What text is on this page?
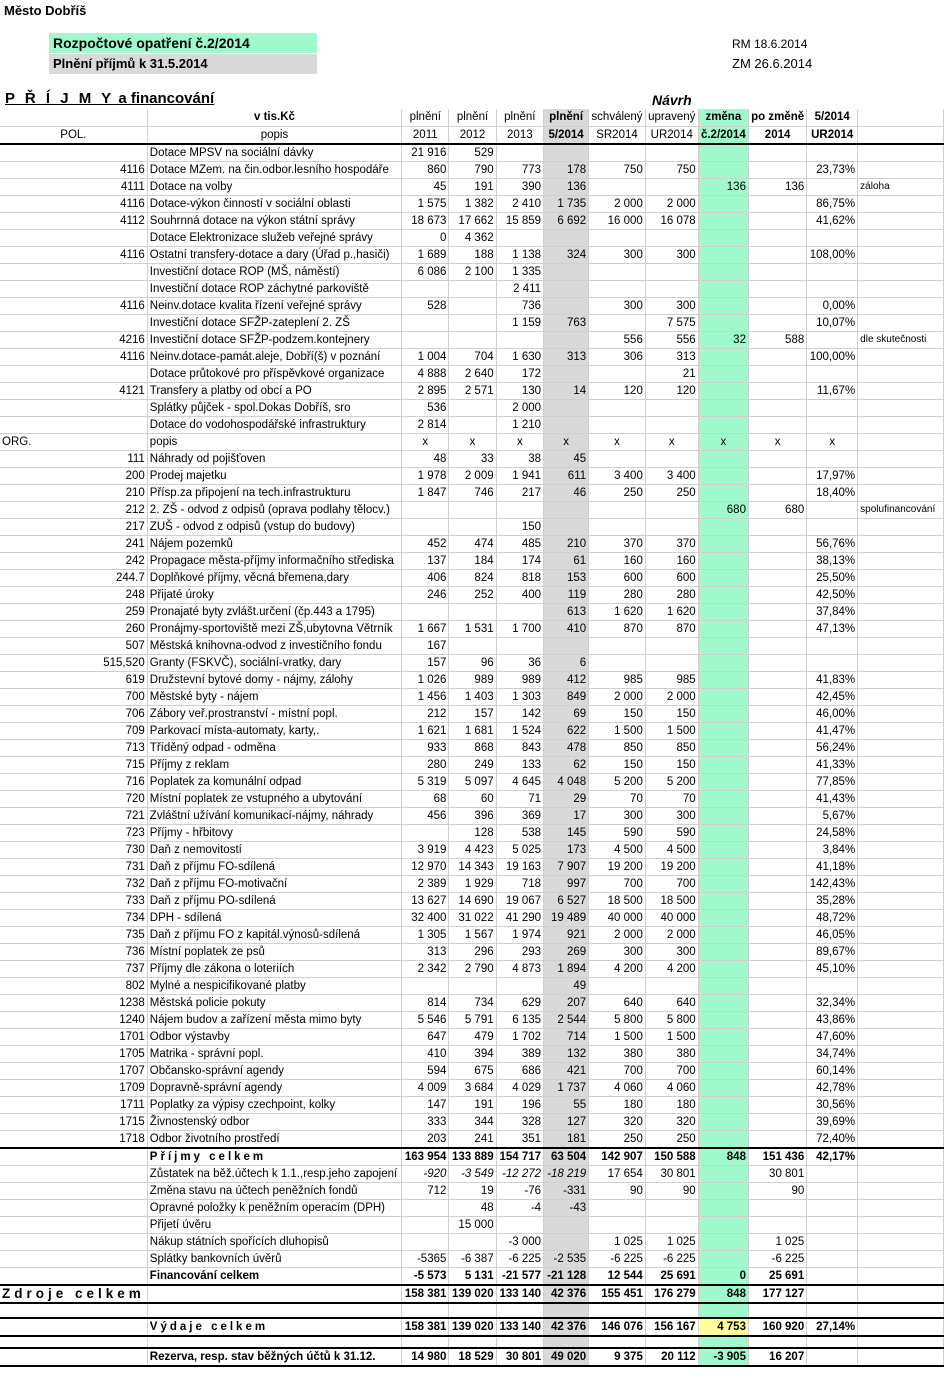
Město Dobříš
Rozpočtové opatření č.2/2014
Plnění příjmů k 31.5.2014
RM 18.6.2014
ZM 26.6.2014
Návrh
P Ř Í J M Y a financování
	v tis.Kč	plnění	plnění	plnění	plnění	schválený	upravený	změna	po změně	5/2014	
POL.	popis	2011	2012	2013	5/2014	SR2014	UR2014	č.2/2014	2014	UR2014	
	Dotace MPSV na sociální dávky	21 916	529								
4116	Dotace MZem. na čin.odbor.lesního hospodáře	860	790	773	178	750	750			23,73%	
4111	Dotace na volby	45	191	390	136			136	136		záloha
4116	Dotace-výkon činností v sociální oblasti	1 575	1 382	2 410	1 735	2 000	2 000			86,75%	
4112	Souhrnná dotace na výkon státní správy	18 673	17 662	15 859	6 692	16 000	16 078			41,62%	
	Dotace Elektronizace služeb veřejné správy	0	4 362								
4116	Ostatní transfery-dotace a dary (Úřad p.,hasiči)	1 689	188	1 138	324	300	300			108,00%	
	Investiční dotace ROP (MŠ, náměstí)	6 086	2 100	1 335							
	Investiční dotace ROP záchytné parkoviště			2 411							
4116	Neinv.dotace kvalita řízení veřejné správy	528		736		300	300			0,00%	
	Investiční dotace SFŽP-zateplení 2. ZŠ			1 159	763		7 575			10,07%	
4216	Investiční dotace SFŽP-podzem.kontejnery					556	556	32	588		dle skutečnosti
4116	Neinv.dotace-památ.aleje, Dobří(š) v poznání	1 004	704	1 630	313	306	313			100,00%	
	Dotace průtokové pro příspěvkové organizace	4 888	2 640	172			21				
4121	Transfery a platby od obcí a PO	2 895	2 571	130	14	120	120			11,67%	
	Splátky půjček - spol.Dokas Dobříš, sro	536		2 000							
	Dotace do vodohospodářské infrastruktury	2 814		1 210							
ORG.	popis	x	x	x	x	x	x	x	x	x	
111	Náhrady od pojišťoven	48	33	38	45						
200	Prodej majetku	1 978	2 009	1 941	611	3 400	3 400			17,97%	
210	Přísp.za připojení na tech.infrastrukturu	1 847	746	217	46	250	250			18,40%	
212	2. ZŠ - odvod z odpisů (oprava podlahy tělocv.)							680	680		spolufinancování
217	ZUŠ - odvod z odpisů (vstup do budovy)			150							
241	Nájem pozemků	452	474	485	210	370	370			56,76%	
242	Propagace města-příjmy informačního střediska	137	184	174	61	160	160			38,13%	
244.7	Doplňkové příjmy, věcná břemena,dary	406	824	818	153	600	600			25,50%	
248	Přijaté úroky	246	252	400	119	280	280			42,50%	
259	Pronajaté byty zvlášt.určení (čp.443 a 1795)				613	1 620	1 620			37,84%	
260	Pronájmy-sportoviště mezi ZŠ,ubytovna Větrník	1 667	1 531	1 700	410	870	870			47,13%	
507	Městská knihovna-odvod z investičního fondu	167									
515,520	Granty (FSKVČ), sociální-vratky, dary	157	96	36	6						
619	Družstevní bytové domy - nájmy, zálohy	1 026	989	989	412	985	985			41,83%	
700	Městské byty - nájem	1 456	1 403	1 303	849	2 000	2 000			42,45%	
706	Zábory veř.prostranství - místní popl.	212	157	142	69	150	150			46,00%	
709	Parkovací místa-automaty, karty,.	1 621	1 681	1 524	622	1 500	1 500			41,47%	
713	Tříděný odpad - odměna	933	868	843	478	850	850			56,24%	
715	Příjmy z reklam	280	249	133	62	150	150			41,33%	
716	Poplatek za komunální odpad	5 319	5 097	4 645	4 048	5 200	5 200			77,85%	
720	Místní poplatek ze vstupného a ubytování	68	60	71	29	70	70			41,43%	
721	Zvláštní užívání komunikací-nájmy, náhrady	456	396	369	17	300	300			5,67%	
723	Příjmy - hřbitovy		128	538	145	590	590			24,58%	
730	Daň z nemovitostí	3 919	4 423	5 025	173	4 500	4 500			3,84%	
731	Daň z příjmu FO-sdílená	12 970	14 343	19 163	7 907	19 200	19 200			41,18%	
732	Daň z příjmu FO-motivační	2 389	1 929	718	997	700	700			142,43%	
733	Daň z příjmu PO-sdílená	13 627	14 690	19 067	6 527	18 500	18 500			35,28%	
734	DPH - sdílená	32 400	31 022	41 290	19 489	40 000	40 000			48,72%	
735	Daň z příjmu FO z kapitál.výnosů-sdílená	1 305	1 567	1 974	921	2 000	2 000			46,05%	
736	Místní poplatek ze psů	313	296	293	269	300	300			89,67%	
737	Příjmy dle zákona o loteriích	2 342	2 790	4 873	1 894	4 200	4 200			45,10%	
802	Mylné a nespicifikované platby				49						
1238	Městská policie pokuty	814	734	629	207	640	640			32,34%	
1240	Nájem budov a zařízení města mimo byty	5 546	5 791	6 135	2 544	5 800	5 800			43,86%	
1701	Odbor výstavby	647	479	1 702	714	1 500	1 500			47,60%	
1705	Matrika - správní popl.	410	394	389	132	380	380			34,74%	
1707	Občansko-správní agendy	594	675	686	421	700	700			60,14%	
1709	Dopravně-správní agendy	4 009	3 684	4 029	1 737	4 060	4 060			42,78%	
1711	Poplatky za výpisy czechpoint, kolky	147	191	196	55	180	180			30,56%	
1715	Živnostenský odbor	333	344	328	127	320	320			39,69%	
1718	Odbor životního prostředí	203	241	351	181	250	250			72,40%	
	Příjmy celkem	163 954	133 889	154 717	63 504	142 907	150 588	848	151 436	42,17%	
	Zůstatek na běž.účtech k 1.1.,resp.jeho zapojení	-920	-3 549	-12 272	-18 219	17 654	30 801		30 801		
	Změna stavu na účtech peněžních fondů	712	19	-76	-331	90	90		90		
	Opravné položky k peněžním operacím (DPH)		48	-4	-43						
	Přijetí úvěru		15 000								
	Nákup státních spořících dluhopisů			-3 000		1 025	1 025		1 025		
	Splátky bankovních úvěrů	-5365	-6 387	-6 225	-2 535	-6 225	-6 225		-6 225		
	Financování celkem	-5 573	5 131	-21 577	-21 128	12 544	25 691	0	25 691		
Zdroje celkem		158 381	139 020	133 140	42 376	155 451	176 279	848	177 127		

	Výdaje celkem	158 381	139 020	133 140	42 376	146 076	156 167	4 753	160 920	27,14%	

	Rezerva, resp. stav běžných účtů k 31.12.	14 980	18 529	30 801	49 020	9 375	20 112	-3 905	16 207		
